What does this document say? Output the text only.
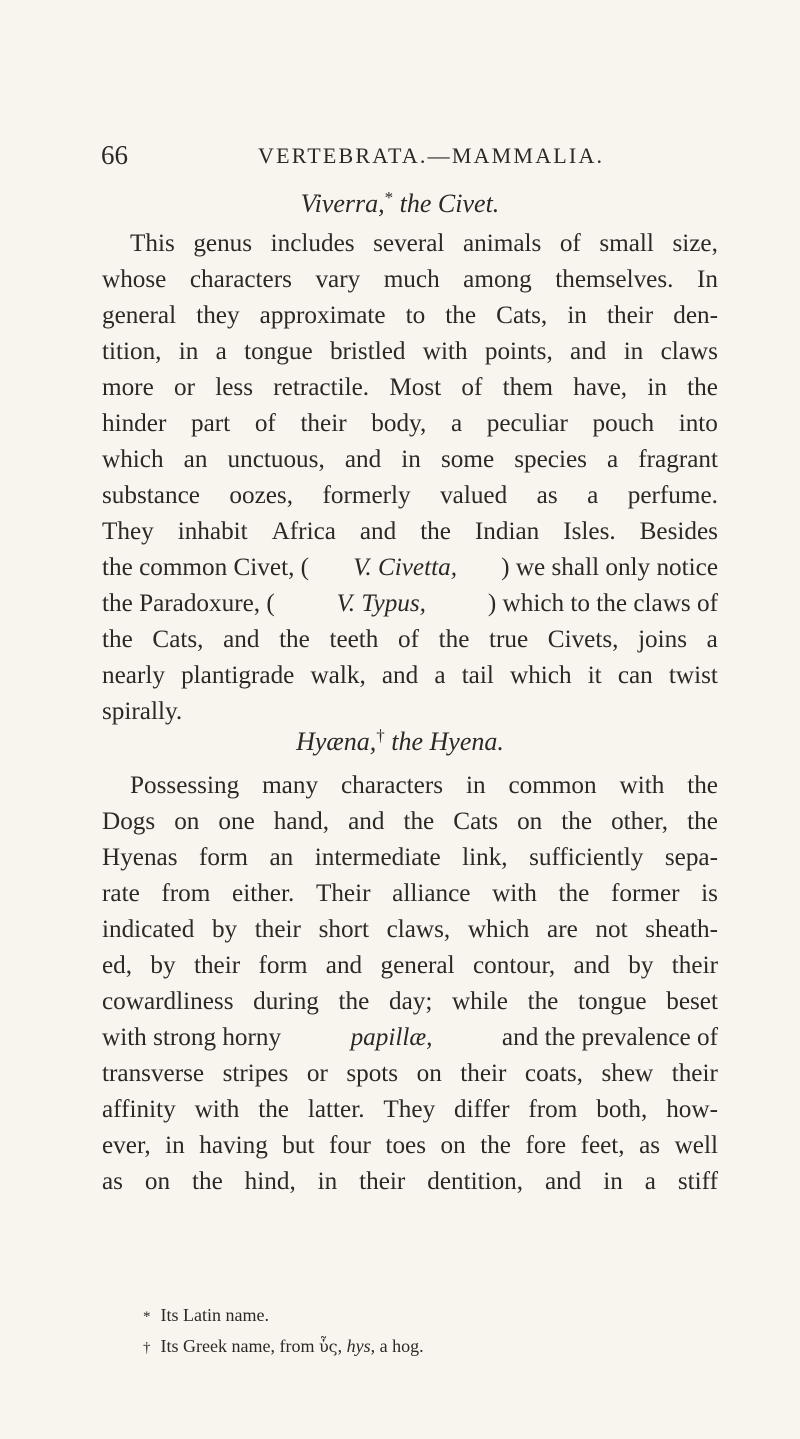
66	VERTEBRATA.—MAMMALIA.
Viverra,* the Civet.
This genus includes several animals of small size,
whose characters vary much among themselves. In
general they approximate to the Cats, in their den-
tition, in a tongue bristled with points, and in claws
more or less retractile. Most of them have, in the
hinder part of their body, a peculiar pouch into
which an unctuous, and in some species a fragrant
substance oozes, formerly valued as a perfume.
They inhabit Africa and the Indian Isles. Besides
the common Civet, ( V. Civetta, ) we shall only notice
the Paradoxure, ( V. Typus, ) which to the claws of
the Cats, and the teeth of the true Civets, joins a
nearly plantigrade walk, and a tail which it can twist
spirally.
Hyæna,† the Hyena.
Possessing many characters in common with the
Dogs on one hand, and the Cats on the other, the
Hyenas form an intermediate link, sufficiently sepa-
rate from either. Their alliance with the former is
indicated by their short claws, which are not sheath-
ed, by their form and general contour, and by their
cowardliness during the day; while the tongue beset
with strong horny	papillæ,	and the prevalence of
transverse stripes or spots on their coats, shew their
affinity with the latter. They differ from both, how-
ever, in having but four toes on the fore feet, as well
as on the hind, in their dentition, and in a stiff
* Its Latin name.
† Its Greek name, from ὗς, hys, a hog.
